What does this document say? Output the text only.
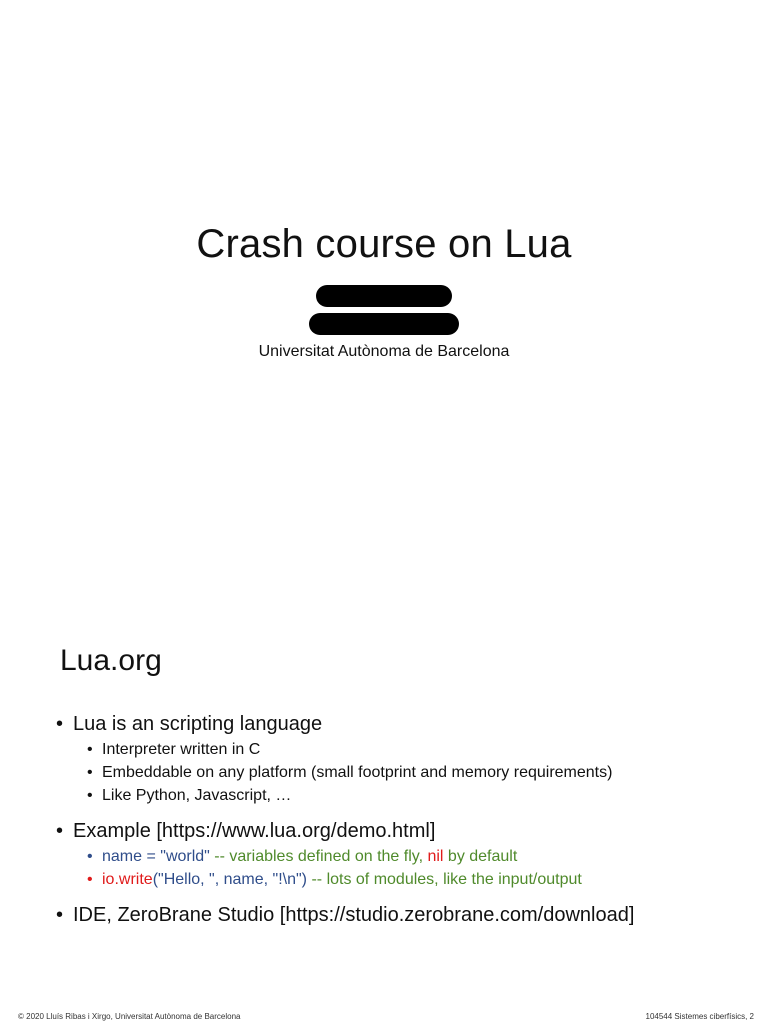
Crash course on Lua
Universitat Autònoma de Barcelona
Lua.org
• Lua is an scripting language
• Interpreter written in C
• Embeddable on any platform (small footprint and memory requirements)
• Like Python, Javascript, …
• Example [https://www.lua.org/demo.html]
• name = "world" -- variables defined on the fly, nil by default
• io.write("Hello, ", name, "!\n") -- lots of modules, like the input/output
• IDE, ZeroBrane Studio [https://studio.zerobrane.com/download]
© 2020 Lluís Ribas i Xirgo, Universitat Autònoma de Barcelona	104544 Sistemes ciberfísics, 2
